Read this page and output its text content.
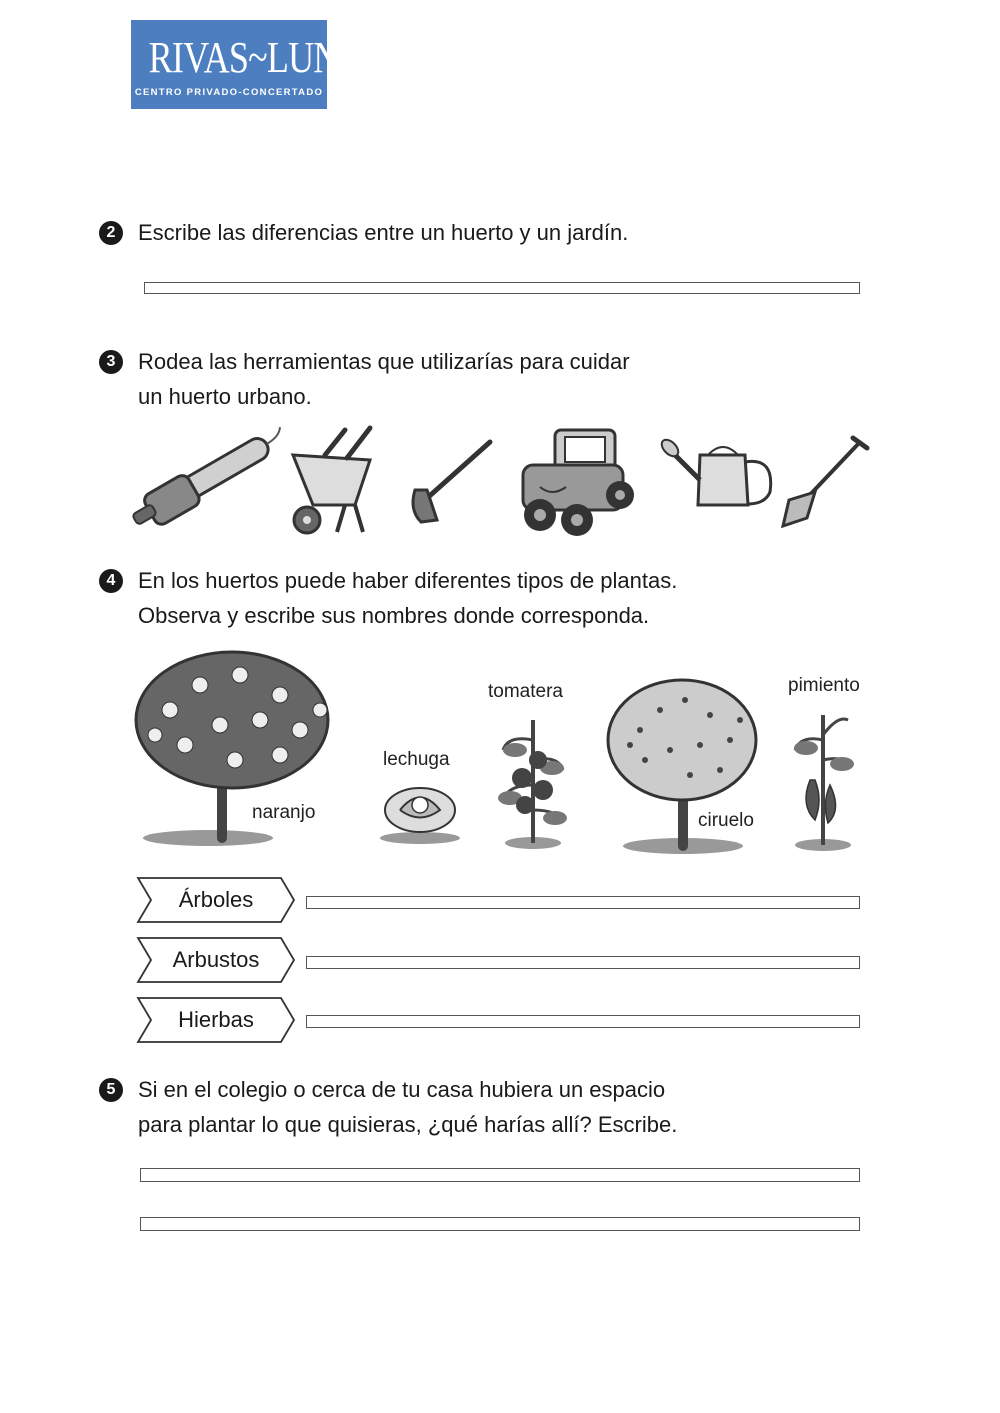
RIVAS~LUNA
CENTRO PRIVADO-CONCERTADO
2	Escribe las diferencias entre un huerto y un jardín.
3	Rodea las herramientas que utilizarías para cuidar
un huerto urbano.
4	En los huertos puede haber diferentes tipos de plantas.
Observa y escribe sus nombres donde corresponda.
naranjo
lechuga
tomatera
ciruelo
pimiento
Árboles
Arbustos
Hierbas
5	Si en el colegio o cerca de tu casa hubiera un espacio
para plantar lo que quisieras, ¿qué harías allí? Escribe.
